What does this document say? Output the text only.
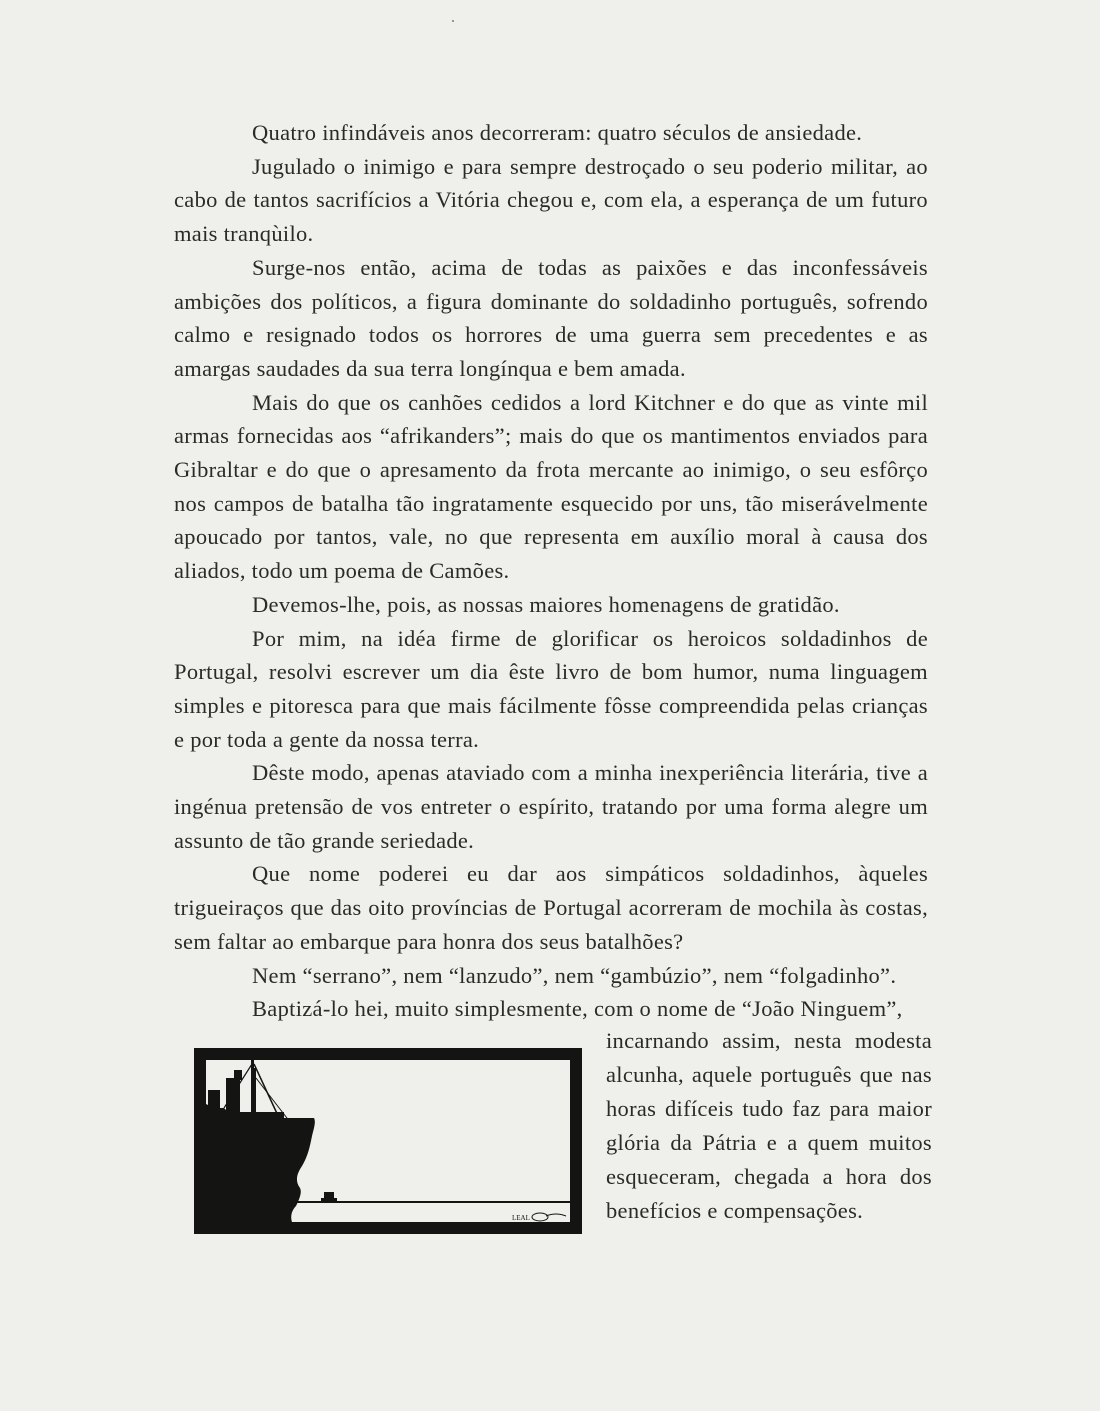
Quatro infindáveis anos decorreram: quatro séculos de ansiedade.

Jugulado o inimigo e para sempre destroçado o seu poderio militar, ao cabo de tantos sacrifícios a Vitória chegou e, com ela, a esperança de um futuro mais tranqùilo.

Surge-nos então, acima de todas as paixões e das inconfessáveis ambições dos políticos, a figura dominante do soldadinho português, sofrendo calmo e resignado todos os horrores de uma guerra sem precedentes e as amargas saudades da sua terra longínqua e bem amada.

Mais do que os canhões cedidos a lord Kitchner e do que as vinte mil armas fornecidas aos “afrikanders”; mais do que os mantimentos enviados para Gibraltar e do que o apresamento da frota mercante ao inimigo, o seu esfôrço nos campos de batalha tão ingratamente esquecido por uns, tão miserávelmente apoucado por tantos, vale, no que representa em auxílio moral à causa dos aliados, todo um poema de Camões.

Devemos-lhe, pois, as nossas maiores homenagens de gratidão.

Por mim, na idéa firme de glorificar os heroicos soldadinhos de Portugal, resolvi escrever um dia êste livro de bom humor, numa linguagem simples e pitoresca para que mais fácilmente fôsse compreendida pelas crianças e por toda a gente da nossa terra.

Dêste modo, apenas ataviado com a minha inexperiência literária, tive a ingénua pretensão de vos entreter o espírito, tratando por uma forma alegre um assunto de tão grande seriedade.

Que nome poderei eu dar aos simpáticos soldadinhos, àqueles trigueiraços que das oito províncias de Portugal acorreram de mochila às costas, sem faltar ao embarque para honra dos seus batalhões?

Nem “serrano”, nem “lanzudo”, nem “gambúzio”, nem “folgadinho”.

Baptizá-lo hei, muito simplesmente, com o nome de “João Ninguem”,

LEAL
incarnando assim, nesta modesta alcunha, aquele português que nas horas difíceis tudo faz para maior glória da Pátria e a quem muitos esqueceram, chegada a hora dos benefícios e compensações.
